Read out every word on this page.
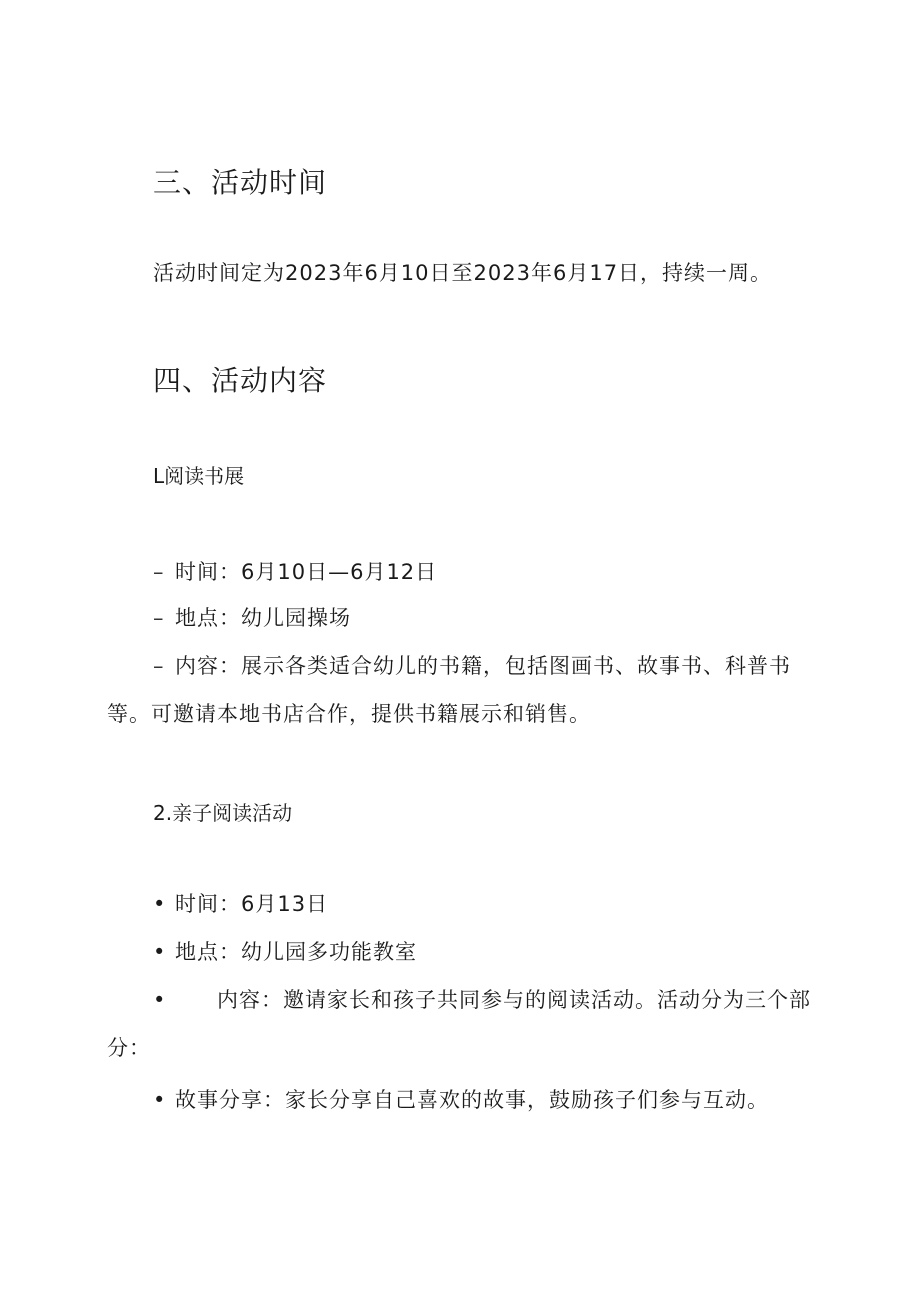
三、活动时间
活动时间定为2023年6月10日至2023年6月17日，持续一周。
四、活动内容
L阅读书展
– 时间：6月10日—6月12日
– 地点：幼儿园操场
– 内容：展示各类适合幼儿的书籍，包括图画书、故事书、科普书
等。可邀请本地书店合作，提供书籍展示和销售。
2.亲子阅读活动
• 时间：6月13日
• 地点：幼儿园多功能教室
• 内容：邀请家长和孩子共同参与的阅读活动。活动分为三个部
分：
• 故事分享：家长分享自己喜欢的故事，鼓励孩子们参与互动。
